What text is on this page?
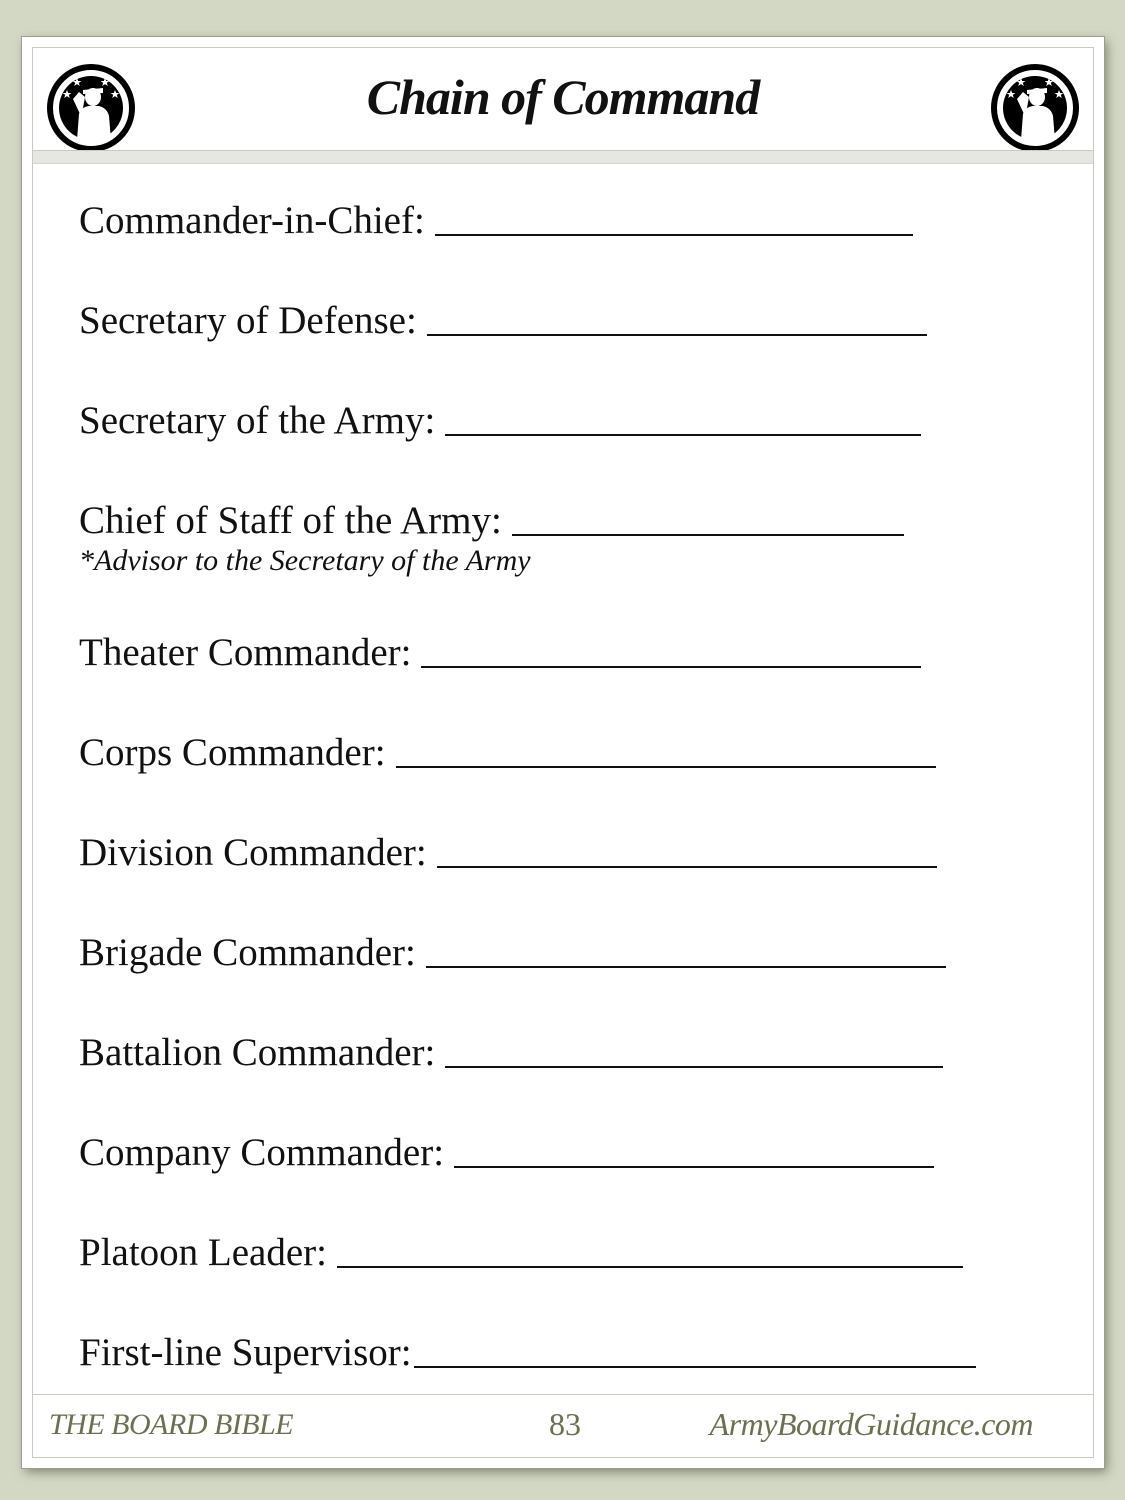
Chain of Command
Commander-in-Chief:
Secretary of Defense:
Secretary of the Army:
Chief of Staff of the Army:
*Advisor to the Secretary of the Army
Theater Commander:
Corps Commander:
Division Commander:
Brigade Commander:
Battalion Commander:
Company Commander:
Platoon Leader:
First-line Supervisor:
THE BOARD BIBLE	83	ArmyBoardGuidance.com
